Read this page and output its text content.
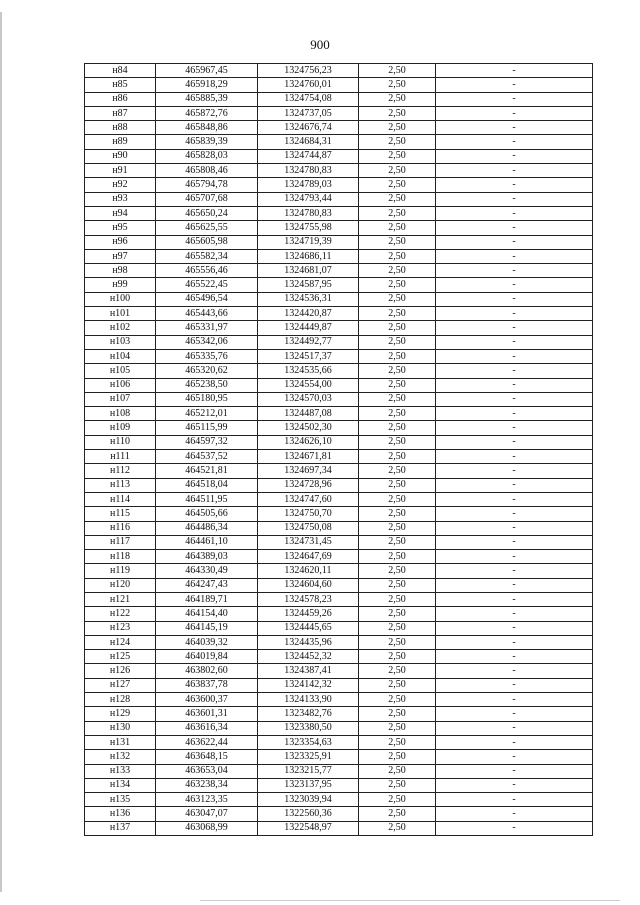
900
н84	465967,45	1324756,23	2,50	-
н85	465918,29	1324760,01	2,50	-
н86	465885,39	1324754,08	2,50	-
н87	465872,76	1324737,05	2,50	-
н88	465848,86	1324676,74	2,50	-
н89	465839,39	1324684,31	2,50	-
н90	465828,03	1324744,87	2,50	-
н91	465808,46	1324780,83	2,50	-
н92	465794,78	1324789,03	2,50	-
н93	465707,68	1324793,44	2,50	-
н94	465650,24	1324780,83	2,50	-
н95	465625,55	1324755,98	2,50	-
н96	465605,98	1324719,39	2,50	-
н97	465582,34	1324686,11	2,50	-
н98	465556,46	1324681,07	2,50	-
н99	465522,45	1324587,95	2,50	-
н100	465496,54	1324536,31	2,50	-
н101	465443,66	1324420,87	2,50	-
н102	465331,97	1324449,87	2,50	-
н103	465342,06	1324492,77	2,50	-
н104	465335,76	1324517,37	2,50	-
н105	465320,62	1324535,66	2,50	-
н106	465238,50	1324554,00	2,50	-
н107	465180,95	1324570,03	2,50	-
н108	465212,01	1324487,08	2,50	-
н109	465115,99	1324502,30	2,50	-
н110	464597,32	1324626,10	2,50	-
н111	464537,52	1324671,81	2,50	-
н112	464521,81	1324697,34	2,50	-
н113	464518,04	1324728,96	2,50	-
н114	464511,95	1324747,60	2,50	-
н115	464505,66	1324750,70	2,50	-
н116	464486,34	1324750,08	2,50	-
н117	464461,10	1324731,45	2,50	-
н118	464389,03	1324647,69	2,50	-
н119	464330,49	1324620,11	2,50	-
н120	464247,43	1324604,60	2,50	-
н121	464189,71	1324578,23	2,50	-
н122	464154,40	1324459,26	2,50	-
н123	464145,19	1324445,65	2,50	-
н124	464039,32	1324435,96	2,50	-
н125	464019,84	1324452,32	2,50	-
н126	463802,60	1324387,41	2,50	-
н127	463837,78	1324142,32	2,50	-
н128	463600,37	1324133,90	2,50	-
н129	463601,31	1323482,76	2,50	-
н130	463616,34	1323380,50	2,50	-
н131	463622,44	1323354,63	2,50	-
н132	463648,15	1323325,91	2,50	-
н133	463653,04	1323215,77	2,50	-
н134	463238,34	1323137,95	2,50	-
н135	463123,35	1323039,94	2,50	-
н136	463047,07	1322560,36	2,50	-
н137	463068,99	1322548,97	2,50	-
